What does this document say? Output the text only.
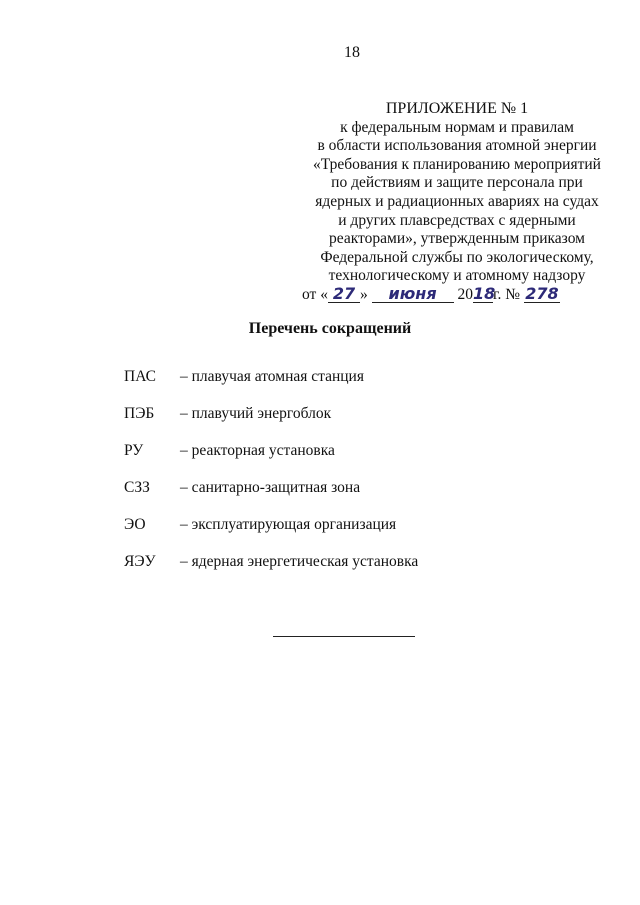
18
ПРИЛОЖЕНИЕ № 1
к федеральным нормам и правилам
в области использования атомной энергии
«Требования к планированию мероприятий
по действиям и защите персонала при
ядерных и радиационных авариях на судах
и других плавсредствах с ядерными
реакторами», утвержденным приказом
Федеральной службы по экологическому,
технологическому и атомному надзору
от « 27 » июня 2018г. № 278
Перечень сокращений
ПАС	– плавучая атомная станция
ПЭБ	– плавучий энергоблок
РУ	– реакторная установка
СЗЗ	– санитарно-защитная зона
ЭО	– эксплуатирующая организация
ЯЭУ	– ядерная энергетическая установка
